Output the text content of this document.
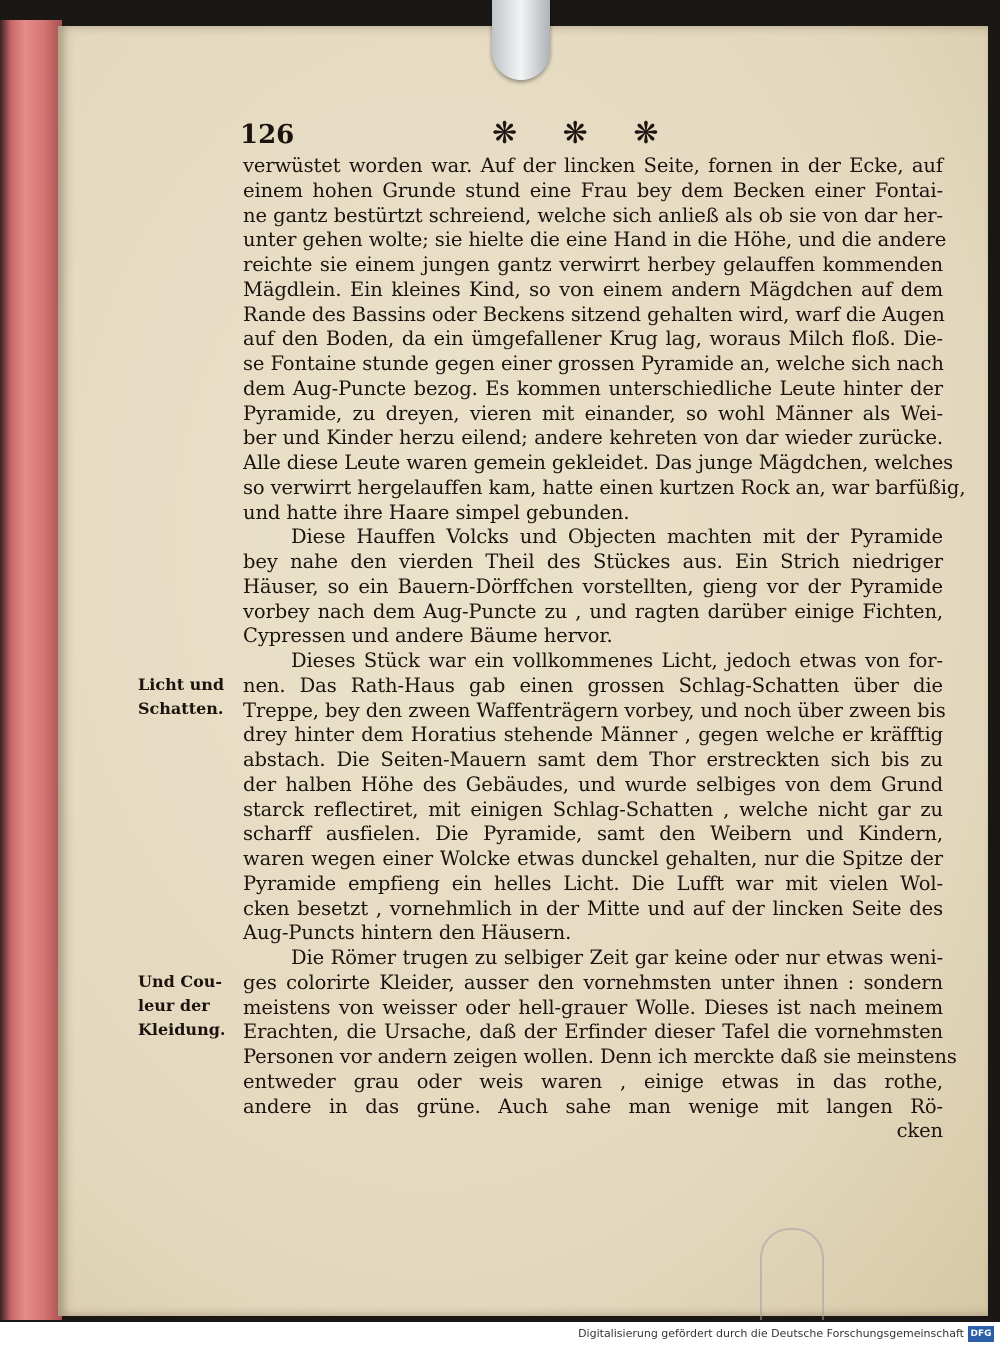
126	❋ ❋ ❋
verwüstet worden war. Auf der lincken Seite, fornen in der Ecke, auf
einem hohen Grunde stund eine Frau bey dem Becken einer Fontai-
ne gantz bestürtzt schreiend, welche sich anließ als ob sie von dar her-
unter gehen wolte; sie hielte die eine Hand in die Höhe, und die andere
reichte sie einem jungen gantz verwirrt herbey gelauffen kommenden
Mägdlein. Ein kleines Kind, so von einem andern Mägdchen auf dem
Rande des Bassins oder Beckens sitzend gehalten wird, warf die Augen
auf den Boden, da ein ümgefallener Krug lag, woraus Milch floß. Die-
se Fontaine stunde gegen einer grossen Pyramide an, welche sich nach
dem Aug-Puncte bezog. Es kommen unterschiedliche Leute hinter der
Pyramide, zu dreyen, vieren mit einander, so wohl Männer als Wei-
ber und Kinder herzu eilend; andere kehreten von dar wieder zurücke.
Alle diese Leute waren gemein gekleidet. Das junge Mägdchen, welches
so verwirrt hergelauffen kam, hatte einen kurtzen Rock an, war barfüßig,
und hatte ihre Haare simpel gebunden.
Diese Hauffen Volcks und Objecten machten mit der Pyramide
bey nahe den vierden Theil des Stückes aus. Ein Strich niedriger
Häuser, so ein Bauern-Dörffchen vorstellten, gieng vor der Pyramide
vorbey nach dem Aug-Puncte zu , und ragten darüber einige Fichten,
Cypressen und andere Bäume hervor.
Dieses Stück war ein vollkommenes Licht, jedoch etwas von for-
nen. Das Rath-Haus gab einen grossen Schlag-Schatten über die
Treppe, bey den zween Waffenträgern vorbey, und noch über zween bis
drey hinter dem Horatius stehende Männer , gegen welche er kräfftig
abstach. Die Seiten-Mauern samt dem Thor erstreckten sich bis zu
der halben Höhe des Gebäudes, und wurde selbiges von dem Grund
starck reflectiret, mit einigen Schlag-Schatten , welche nicht gar zu
scharff ausfielen. Die Pyramide, samt den Weibern und Kindern,
waren wegen einer Wolcke etwas dunckel gehalten, nur die Spitze der
Pyramide empfieng ein helles Licht. Die Lufft war mit vielen Wol-
cken besetzt , vornehmlich in der Mitte und auf der lincken Seite des
Aug-Puncts hintern den Häusern.
Die Römer trugen zu selbiger Zeit gar keine oder nur etwas weni-
ges colorirte Kleider, ausser den vornehmsten unter ihnen : sondern
meistens von weisser oder hell-grauer Wolle. Dieses ist nach meinem
Erachten, die Ursache, daß der Erfinder dieser Tafel die vornehmsten
Personen vor andern zeigen wollen. Denn ich merckte daß sie meinstens
entweder grau oder weis waren , einige etwas in das rothe,
andere in das grüne. Auch sahe man wenige mit langen Rö-
cken
Licht und
Schatten.
Und Cou-
leur der
Kleidung.
Digitalisierung gefördert durch die Deutsche Forschungsgemeinschaft DFG
